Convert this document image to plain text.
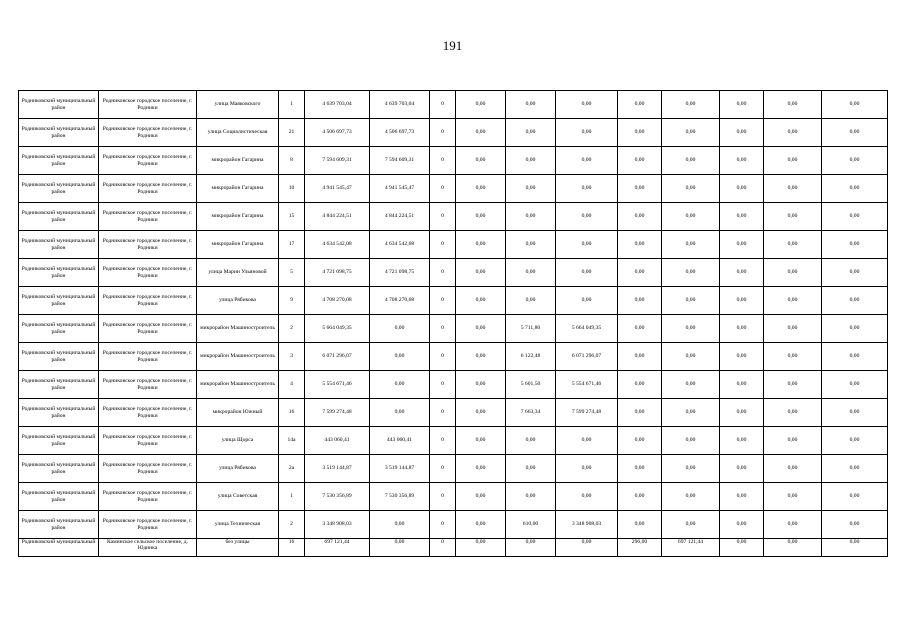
191
Родниковский муниципальный район	Родниковское городское поселение, г. Родники	улица Маяковского	1	4 639 703,04	4 639 703,04	0	0,00	0,00	0,00	0,00	0,00	0,00	0,00	0,00
Родниковский муниципальный район	Родниковское городское поселение, г. Родники	улица Социалистическая	21	4 506 697,73	4 506 697,73	0	0,00	0,00	0,00	0,00	0,00	0,00	0,00	0,00
Родниковский муниципальный район	Родниковское городское поселение, г. Родники	микрорайон Гагарина	8	7 594 609,31	7 594 609,31	0	0,00	0,00	0,00	0,00	0,00	0,00	0,00	0,00
Родниковский муниципальный район	Родниковское городское поселение, г. Родники	микрорайон Гагарина	10	4 941 545,47	4 941 545,47	0	0,00	0,00	0,00	0,00	0,00	0,00	0,00	0,00
Родниковский муниципальный район	Родниковское городское поселение, г. Родники	микрорайон Гагарина	15	4 844 224,51	4 844 224,51	0	0,00	0,00	0,00	0,00	0,00	0,00	0,00	0,00
Родниковский муниципальный район	Родниковское городское поселение, г. Родники	микрорайон Гагарина	17	4 634 542,08	4 634 542,08	0	0,00	0,00	0,00	0,00	0,00	0,00	0,00	0,00
Родниковский муниципальный район	Родниковское городское поселение, г. Родники	улица Марии Ульяновой	5	4 721 098,75	4 721 098,75	0	0,00	0,00	0,00	0,00	0,00	0,00	0,00	0,00
Родниковский муниципальный район	Родниковское городское поселение, г. Родники	улица Рябикова	9	4 708 270,08	4 708 270,08	0	0,00	0,00	0,00	0,00	0,00	0,00	0,00	0,00
Родниковский муниципальный район	Родниковское городское поселение, г. Родники	микрорайон Машиностроитель	2	5 664 049,35	0,00	0	0,00	5 711,80	5 664 049,35	0,00	0,00	0,00	0,00	0,00
Родниковский муниципальный район	Родниковское городское поселение, г. Родники	микрорайон Машиностроитель	3	6 071 296,07	0,00	0	0,00	6 122,48	6 071 296,07	0,00	0,00	0,00	0,00	0,00
Родниковский муниципальный район	Родниковское городское поселение, г. Родники	микрорайон Машиностроитель	4	5 554 671,46	0,00	0	0,00	5 601,50	5 554 671,46	0,00	0,00	0,00	0,00	0,00
Родниковский муниципальный район	Родниковское городское поселение, г. Родники	микрорайон Южный	16	7 599 274,48	0,00	0	0,00	7 663,34	7 599 274,48	0,00	0,00	0,00	0,00	0,00
Родниковский муниципальный район	Родниковское городское поселение, г. Родники	улица Щорса	14а	443 060,41	443 060,41	0	0,00	0,00	0,00	0,00	0,00	0,00	0,00	0,00
Родниковский муниципальный район	Родниковское городское поселение, г. Родники	улица Рябикова	2а	3 519 144,87	3 519 144,87	0	0,00	0,00	0,00	0,00	0,00	0,00	0,00	0,00
Родниковский муниципальный район	Родниковское городское поселение, г. Родники	улица Советская	1	7 530 356,89	7 530 356,89	0	0,00	0,00	0,00	0,00	0,00	0,00	0,00	0,00
Родниковский муниципальный район	Родниковское городское поселение, г. Родники	улица Техническая	2	3 348 908,03	0,00	0	0,00	610,00	3 348 908,03	0,00	0,00	0,00	0,00	0,00
Родниковский муниципальный	Каминское сельское поселение, д. Юдинка	без улицы	16	697 121,44	0,00	0	0,00	0,00	0,00	296,00	697 121,44	0,00	0,00	0,00
